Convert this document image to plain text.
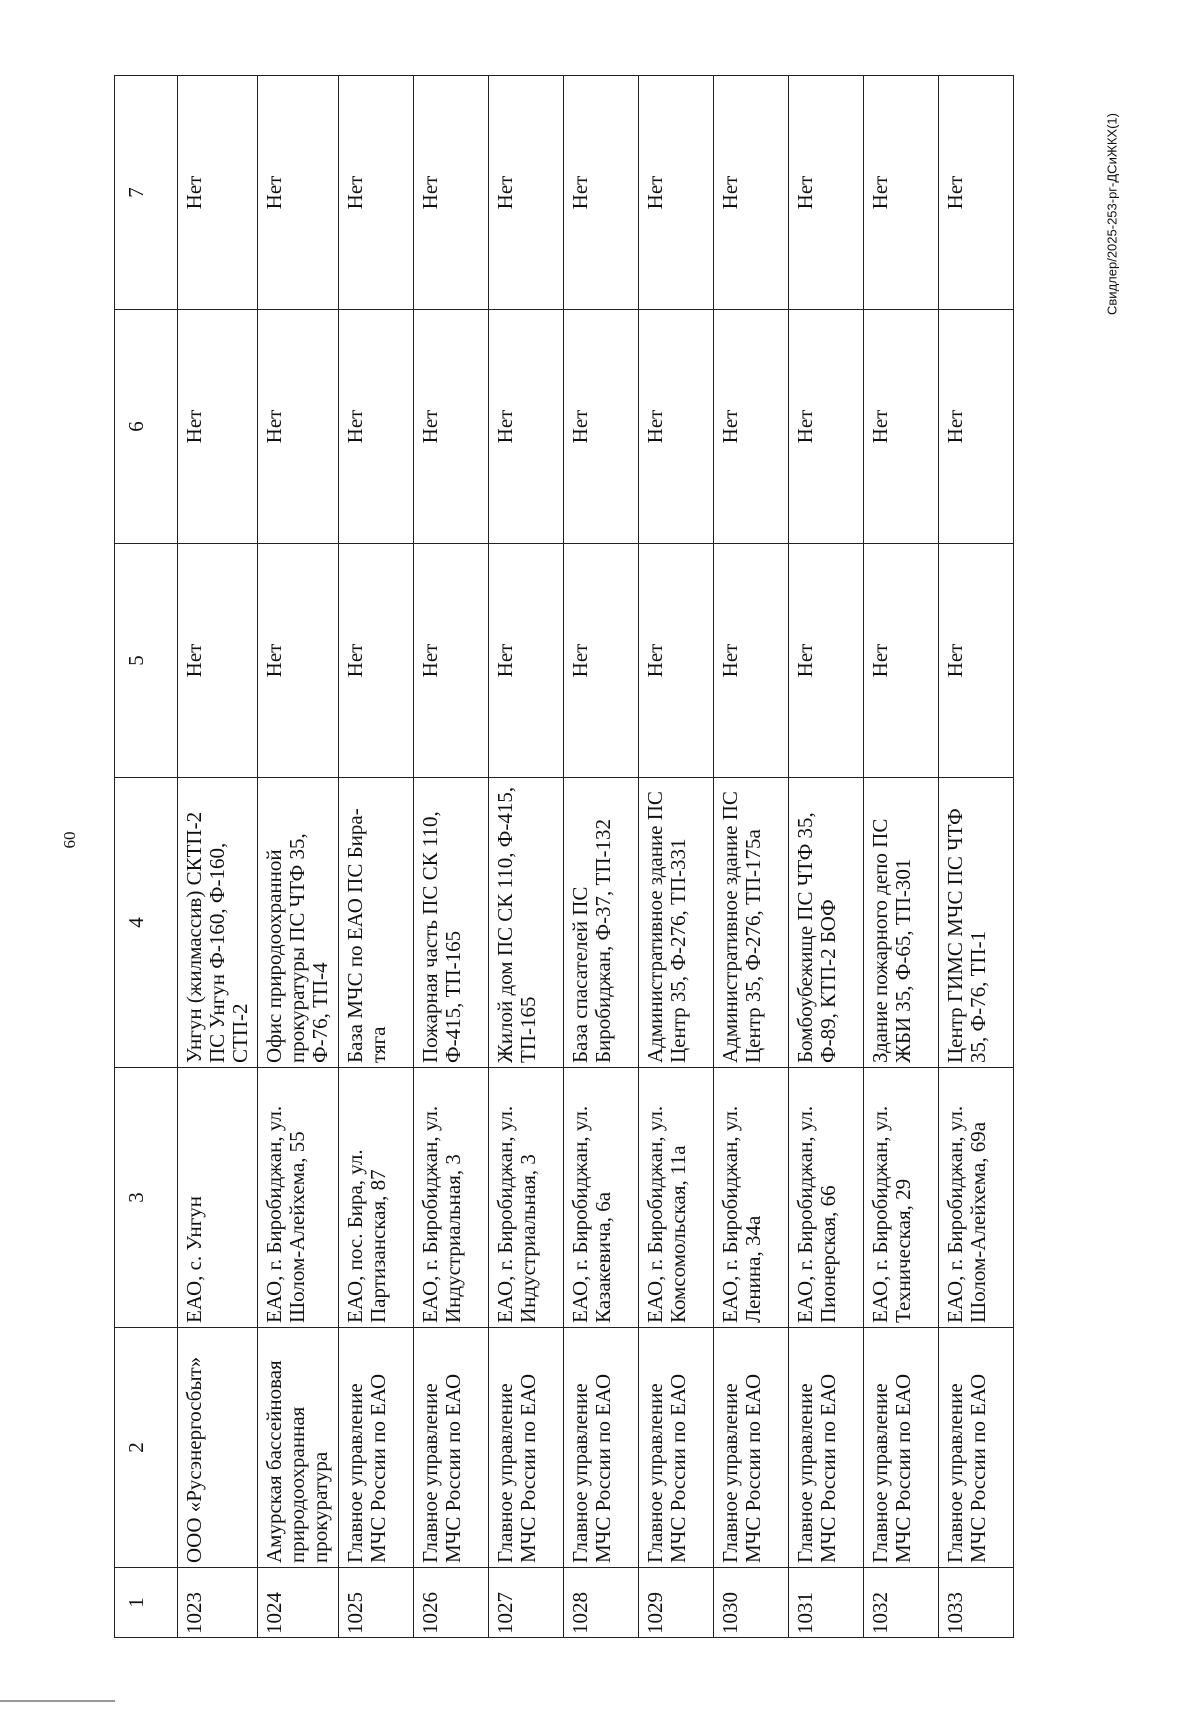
60
Свидлер/2025-253-рг-ДСиЖКХ(1)
1	2	3	4	5	6	7
1023	ООО «Русэнергосбыт»	ЕАО, с. Унгун	Унгун (жилмассив) СКТП-2 ПС Унгун Ф-160, Ф-160, СТП-2	Нет	Нет	Нет
1024	Амурская бассейновая природоохранная прокуратура	ЕАО, г. Биробиджан, ул. Шолом-Алейхема, 55	Офис природоохранной прокуратуры ПС ЧТФ 35, Ф-76, ТП-4	Нет	Нет	Нет
1025	Главное управление МЧС России по ЕАО	ЕАО, пос. Бира, ул. Партизанская, 87	База МЧС по ЕАО ПС Бира-тяга	Нет	Нет	Нет
1026	Главное управление МЧС России по ЕАО	ЕАО, г. Биробиджан, ул. Индустриальная, 3	Пожарная часть ПС СК 110, Ф-415, ТП-165	Нет	Нет	Нет
1027	Главное управление МЧС России по ЕАО	ЕАО, г. Биробиджан, ул. Индустриальная, 3	Жилой дом ПС СК 110, Ф-415, ТП-165	Нет	Нет	Нет
1028	Главное управление МЧС России по ЕАО	ЕАО, г. Биробиджан, ул. Казакевича, 6а	База спасателей ПС Биробиджан, Ф-37, ТП-132	Нет	Нет	Нет
1029	Главное управление МЧС России по ЕАО	ЕАО, г. Биробиджан, ул. Комсомольская, 11а	Административное здание ПС Центр 35, Ф-276, ТП-331	Нет	Нет	Нет
1030	Главное управление МЧС России по ЕАО	ЕАО, г. Биробиджан, ул. Ленина, 34а	Административное здание ПС Центр 35, Ф-276, ТП-175а	Нет	Нет	Нет
1031	Главное управление МЧС России по ЕАО	ЕАО, г. Биробиджан, ул. Пионерская, 66	Бомбоубежище ПС ЧТФ 35, Ф-89, КТП-2 БОФ	Нет	Нет	Нет
1032	Главное управление МЧС России по ЕАО	ЕАО, г. Биробиджан, ул. Техническая, 29	Здание пожарного депо ПС ЖБИ 35, Ф-65, ТП-301	Нет	Нет	Нет
1033	Главное управление МЧС России по ЕАО	ЕАО, г. Биробиджан, ул. Шолом-Алейхема, 69а	Центр ГИМС МЧС ПС ЧТФ 35, Ф-76, ТП-1	Нет	Нет	Нет
